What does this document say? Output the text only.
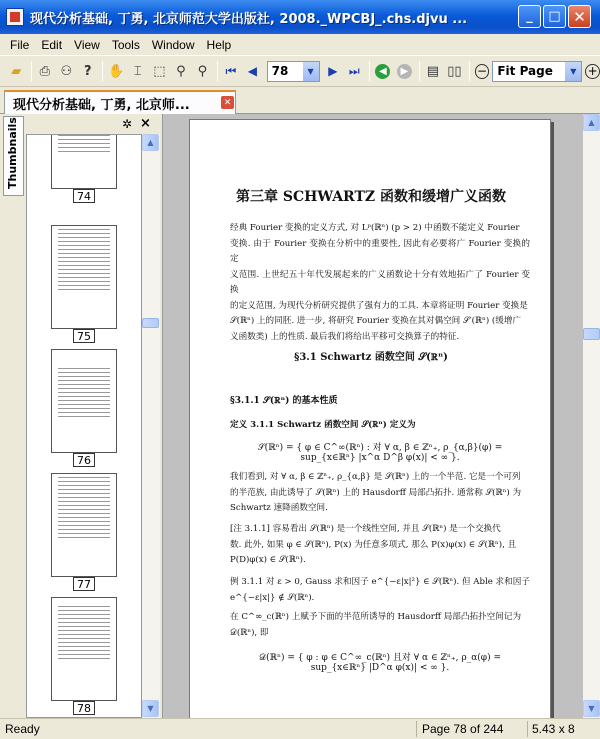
现代分析基础, 丁勇, 北京师范大学出版社, 2008._WPCBJ_.chs.djvu ...	_ □ ✕
File	Edit	View	Tools	Window	Help
▰ ⎙ ⚇ ? ✋ ⌶ ⬚ ⚲ ⚲ ⏮ ◀ 78	▼	▶ ⏭	◀	▶ ▤ ▯▯ − Fit Page	▼ +
现代分析基础, 丁勇, 北京师...	✕
Thumbnails	✲ ×
74
75
76
77
78
▲
▼
第三章 SCHWARTZ 函数和缓增广义函数
经典 Fourier 变换的定义方式, 对 Lᵖ(ℝⁿ) (p > 2) 中函数不能定义 Fourier
变换. 由于 Fourier 变换在分析中的重要性, 因此有必要将广 Fourier 变换的定
义范围. 上世纪五十年代发展起来的广义函数论十分有效地拓广了 Fourier 变换
的定义范围, 为现代分析研究提供了强有力的工具. 本章将证明 Fourier 变换是
𝒮(ℝⁿ) 上的同胚. 进一步, 将研究 Fourier 变换在其对偶空间 𝒮′(ℝⁿ) (缓增广
义函数类) 上的性质. 最后我们将给出平移可交换算子的特征.
§3.1 Schwartz 函数空间 𝒮(ℝⁿ)
§3.1.1 𝒮(ℝⁿ) 的基本性质
定义 3.1.1 Schwartz 函数空间 𝒮(ℝⁿ) 定义为
𝒮(ℝⁿ) = { φ ∈ C^∞(ℝⁿ) : 对 ∀ α, β ∈ ℤⁿ₊, ρ_{α,β}(φ) = sup_{x∈ℝⁿ} |x^α D^β φ(x)| < ∞ }.
我们看到, 对 ∀ α, β ∈ ℤⁿ₊, ρ_{α,β} 是 𝒮(ℝⁿ) 上的一个半范. 它是一个可列
的半范族, 由此诱导了 𝒮(ℝⁿ) 上的 Hausdorff 局部凸拓扑. 通常称 𝒮(ℝⁿ) 为
Schwartz 速降函数空间.
[注 3.1.1] 容易看出 𝒮(ℝⁿ) 是一个线性空间, 并且 𝒮(ℝⁿ) 是一个交换代
数. 此外, 如果 φ ∈ 𝒮(ℝⁿ), P(x) 为任意多项式, 那么 P(x)φ(x) ∈ 𝒮(ℝⁿ), 且
P(D)φ(x) ∈ 𝒮(ℝⁿ).
例 3.1.1 对 ε > 0, Gauss 求和因子 e^{−ε|x|²} ∈ 𝒮(ℝⁿ). 但 Able 求和因子
e^{−ε|x|} ∉ 𝒮(ℝⁿ).
在 C^∞_c(ℝⁿ) 上赋予下面的半范所诱导的 Hausdorff 局部凸拓扑空间记为
𝒟(ℝⁿ), 即
𝒟(ℝⁿ) = { φ : φ ∈ C^∞_c(ℝⁿ) 且对 ∀ α ∈ ℤⁿ₊, ρ_α(φ) = sup_{x∈ℝⁿ} |D^α φ(x)| < ∞ }.
▲
▼
Ready	Page 78 of 244 5.43 x 8
